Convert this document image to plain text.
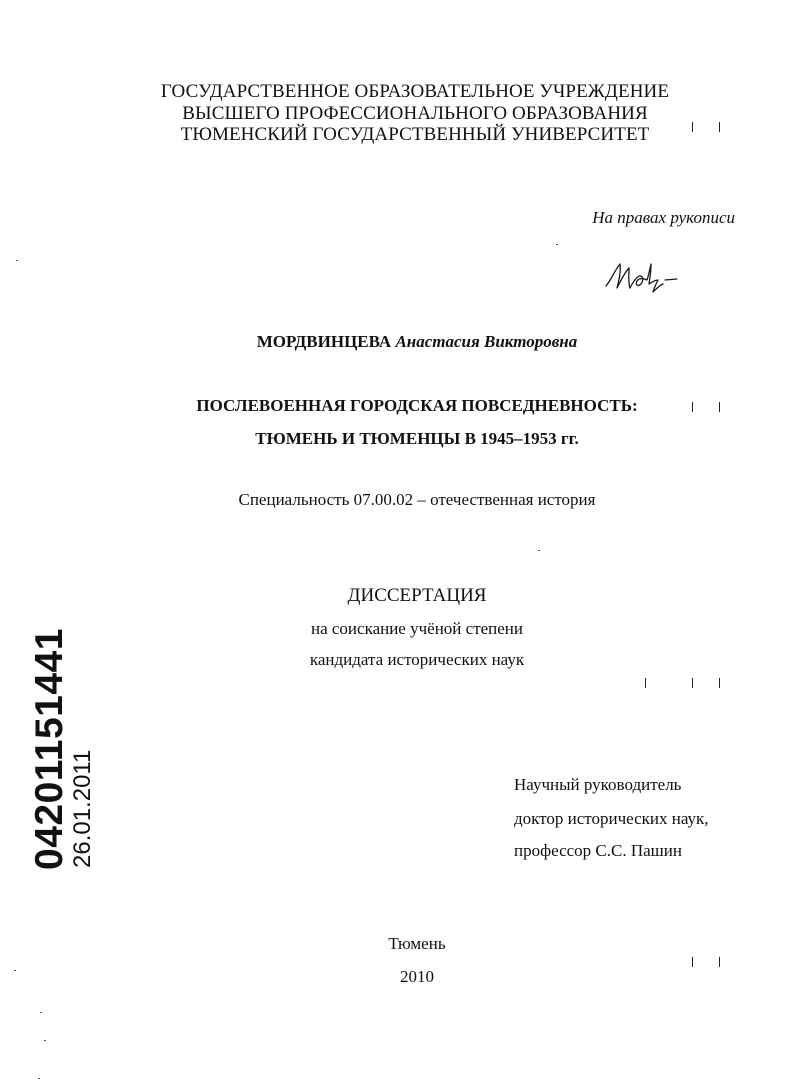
ГОСУДАРСТВЕННОЕ ОБРАЗОВАТЕЛЬНОЕ УЧРЕЖДЕНИЕ
ВЫСШЕГО ПРОФЕССИОНАЛЬНОГО ОБРАЗОВАНИЯ
ТЮМЕНСКИЙ ГОСУДАРСТВЕННЫЙ УНИВЕРСИТЕТ
На правах рукописи
МОРДВИНЦЕВА Анастасия Викторовна
ПОСЛЕВОЕННАЯ ГОРОДСКАЯ ПОВСЕДНЕВНОСТЬ:
ТЮМЕНЬ И ТЮМЕНЦЫ В 1945–1953 гг.
Специальность 07.00.02 – отечественная история
ДИССЕРТАЦИЯ
на соискание учёной степени
кандидата исторических наук
Научный руководитель
доктор исторических наук,
профессор С.С. Пашин
Тюмень
2010
04201151441
26.01.2011
